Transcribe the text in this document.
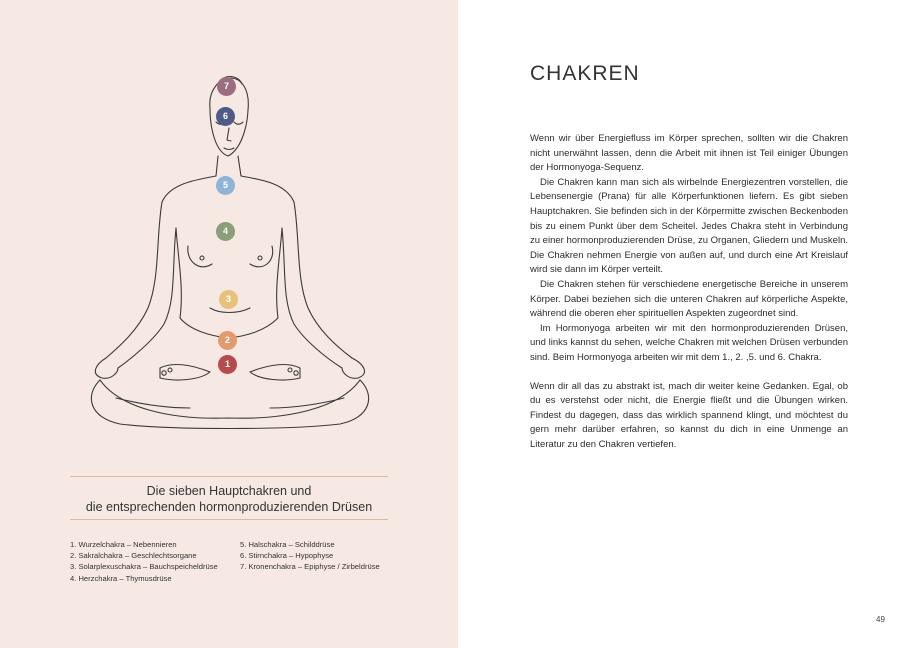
7
6
5
4
3
2
1
Die sieben Hauptchakren und
die entsprechenden hormonproduzierenden Drüsen
1. Wurzelchakra – Nebennieren
2. Sakralchakra – Geschlechtsorgane
3. Solarplexuschakra – Bauchspeicheldrüse
4. Herzchakra – Thymusdrüse
5. Halschakra – Schilddrüse
6. Stirnchakra – Hypophyse
7. Kronenchakra – Epiphyse / Zirbeldrüse
CHAKREN

Wenn wir über Energiefluss im Körper sprechen, sollten wir die Chakren nicht unerwähnt lassen, denn die Arbeit mit ihnen ist Teil einiger Übungen der Hormonyoga-Sequenz.

Die Chakren kann man sich als wirbelnde Energiezentren vorstellen, die Lebensenergie (Prana) für alle Körperfunktionen liefern. Es gibt sieben Hauptchakren. Sie befinden sich in der Körpermitte zwischen Beckenboden bis zu einem Punkt über dem Scheitel. Jedes Chakra steht in Verbindung zu einer hormonproduzierenden Drüse, zu Organen, Gliedern und Muskeln. Die Chakren nehmen Energie von außen auf, und durch eine Art Kreislauf wird sie dann im Körper verteilt.

Die Chakren stehen für verschiedene energetische Bereiche in unserem Körper. Dabei beziehen sich die unteren Chakren auf körperliche Aspekte, während die oberen eher spirituellen Aspekten zugeordnet sind.

Im Hormonyoga arbeiten wir mit den hormonproduzierenden Drüsen, und links kannst du sehen, welche Chakren mit welchen Drüsen verbunden sind. Beim Hormonyoga arbeiten wir mit dem 1., 2. ,5. und 6. Chakra.

Wenn dir all das zu abstrakt ist, mach dir weiter keine Gedanken. Egal, ob du es verstehst oder nicht, die Energie fließt und die Übungen wirken. Findest du dagegen, dass das wirklich spannend klingt, und möchtest du gern mehr darüber erfahren, so kannst du dich in eine Unmenge an Literatur zu den Chakren vertiefen.

49
